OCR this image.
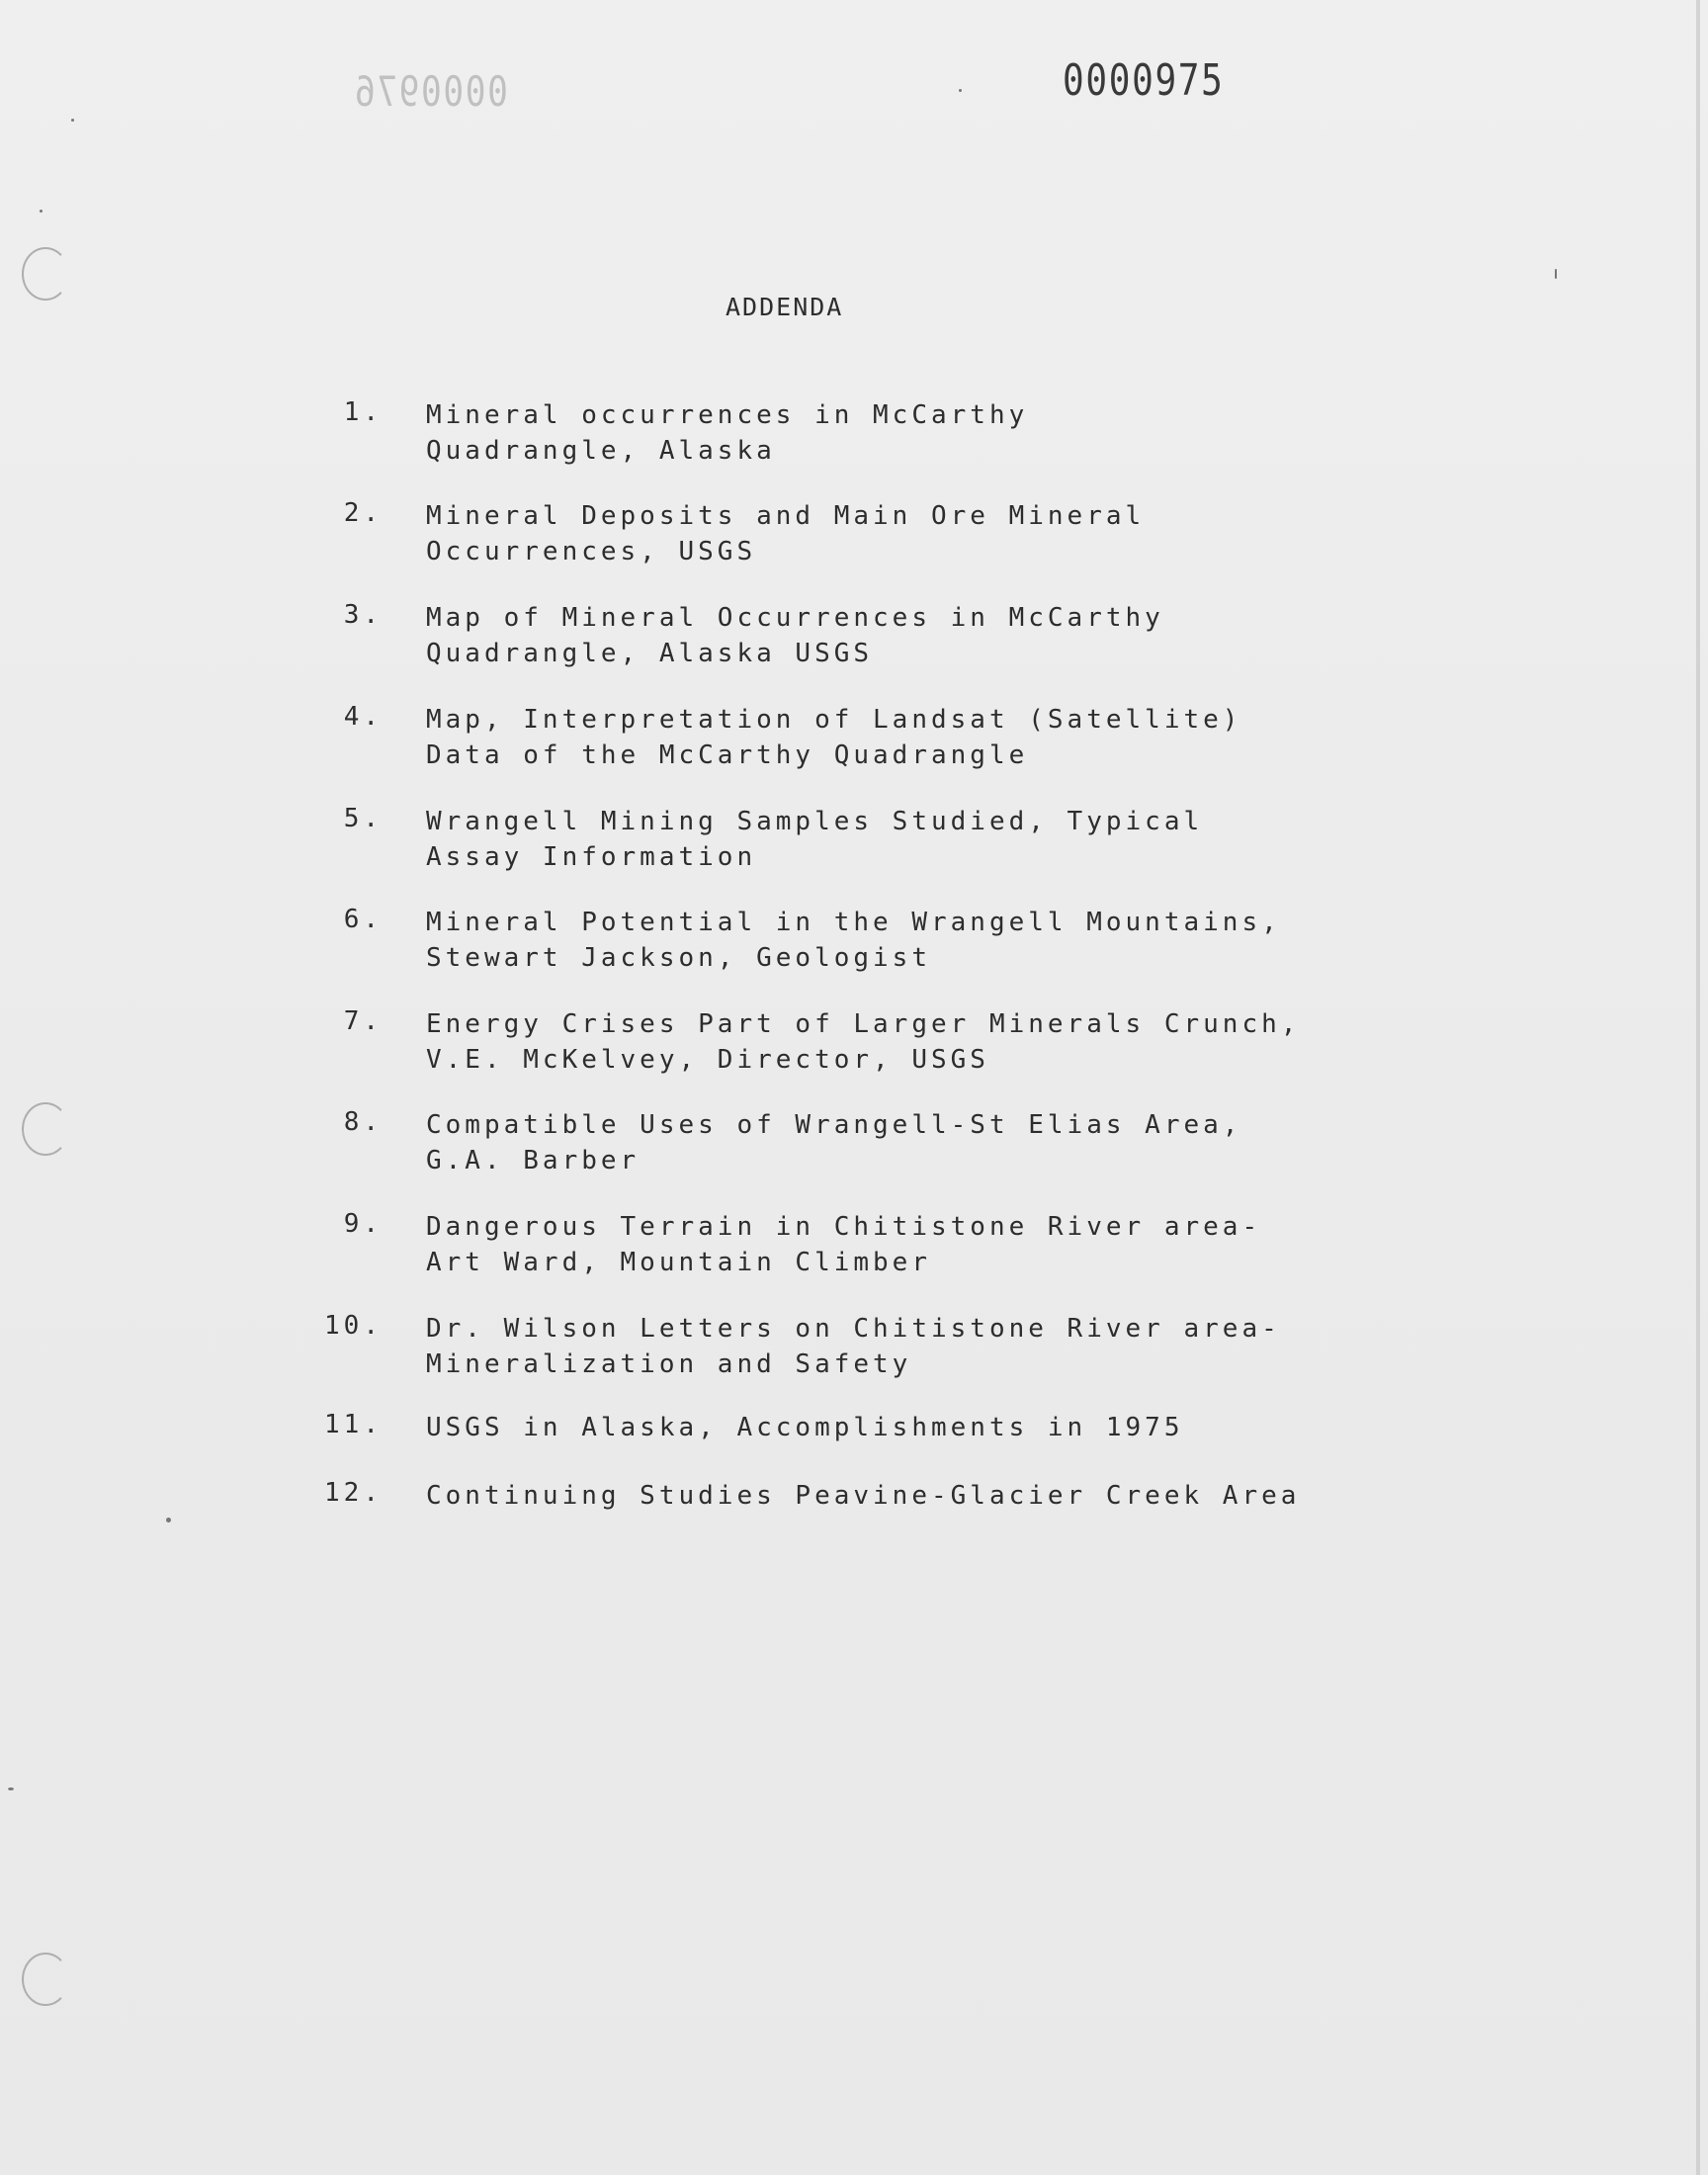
0000976	0000975
ADDENDA
1. Mineral occurrences in McCarthy
Quadrangle, Alaska
2. Mineral Deposits and Main Ore Mineral
Occurrences, USGS
3. Map of Mineral Occurrences in McCarthy
Quadrangle, Alaska USGS
4. Map, Interpretation of Landsat (Satellite)
Data of the McCarthy Quadrangle
5. Wrangell Mining Samples Studied, Typical
Assay Information
6. Mineral Potential in the Wrangell Mountains,
Stewart Jackson, Geologist
7. Energy Crises Part of Larger Minerals Crunch,
V.E. McKelvey, Director, USGS
8. Compatible Uses of Wrangell-St Elias Area,
G.A. Barber
9. Dangerous Terrain in Chitistone River area-
Art Ward, Mountain Climber
10. Dr. Wilson Letters on Chitistone River area-
Mineralization and Safety
11. USGS in Alaska, Accomplishments in 1975
12. Continuing Studies Peavine-Glacier Creek Area
